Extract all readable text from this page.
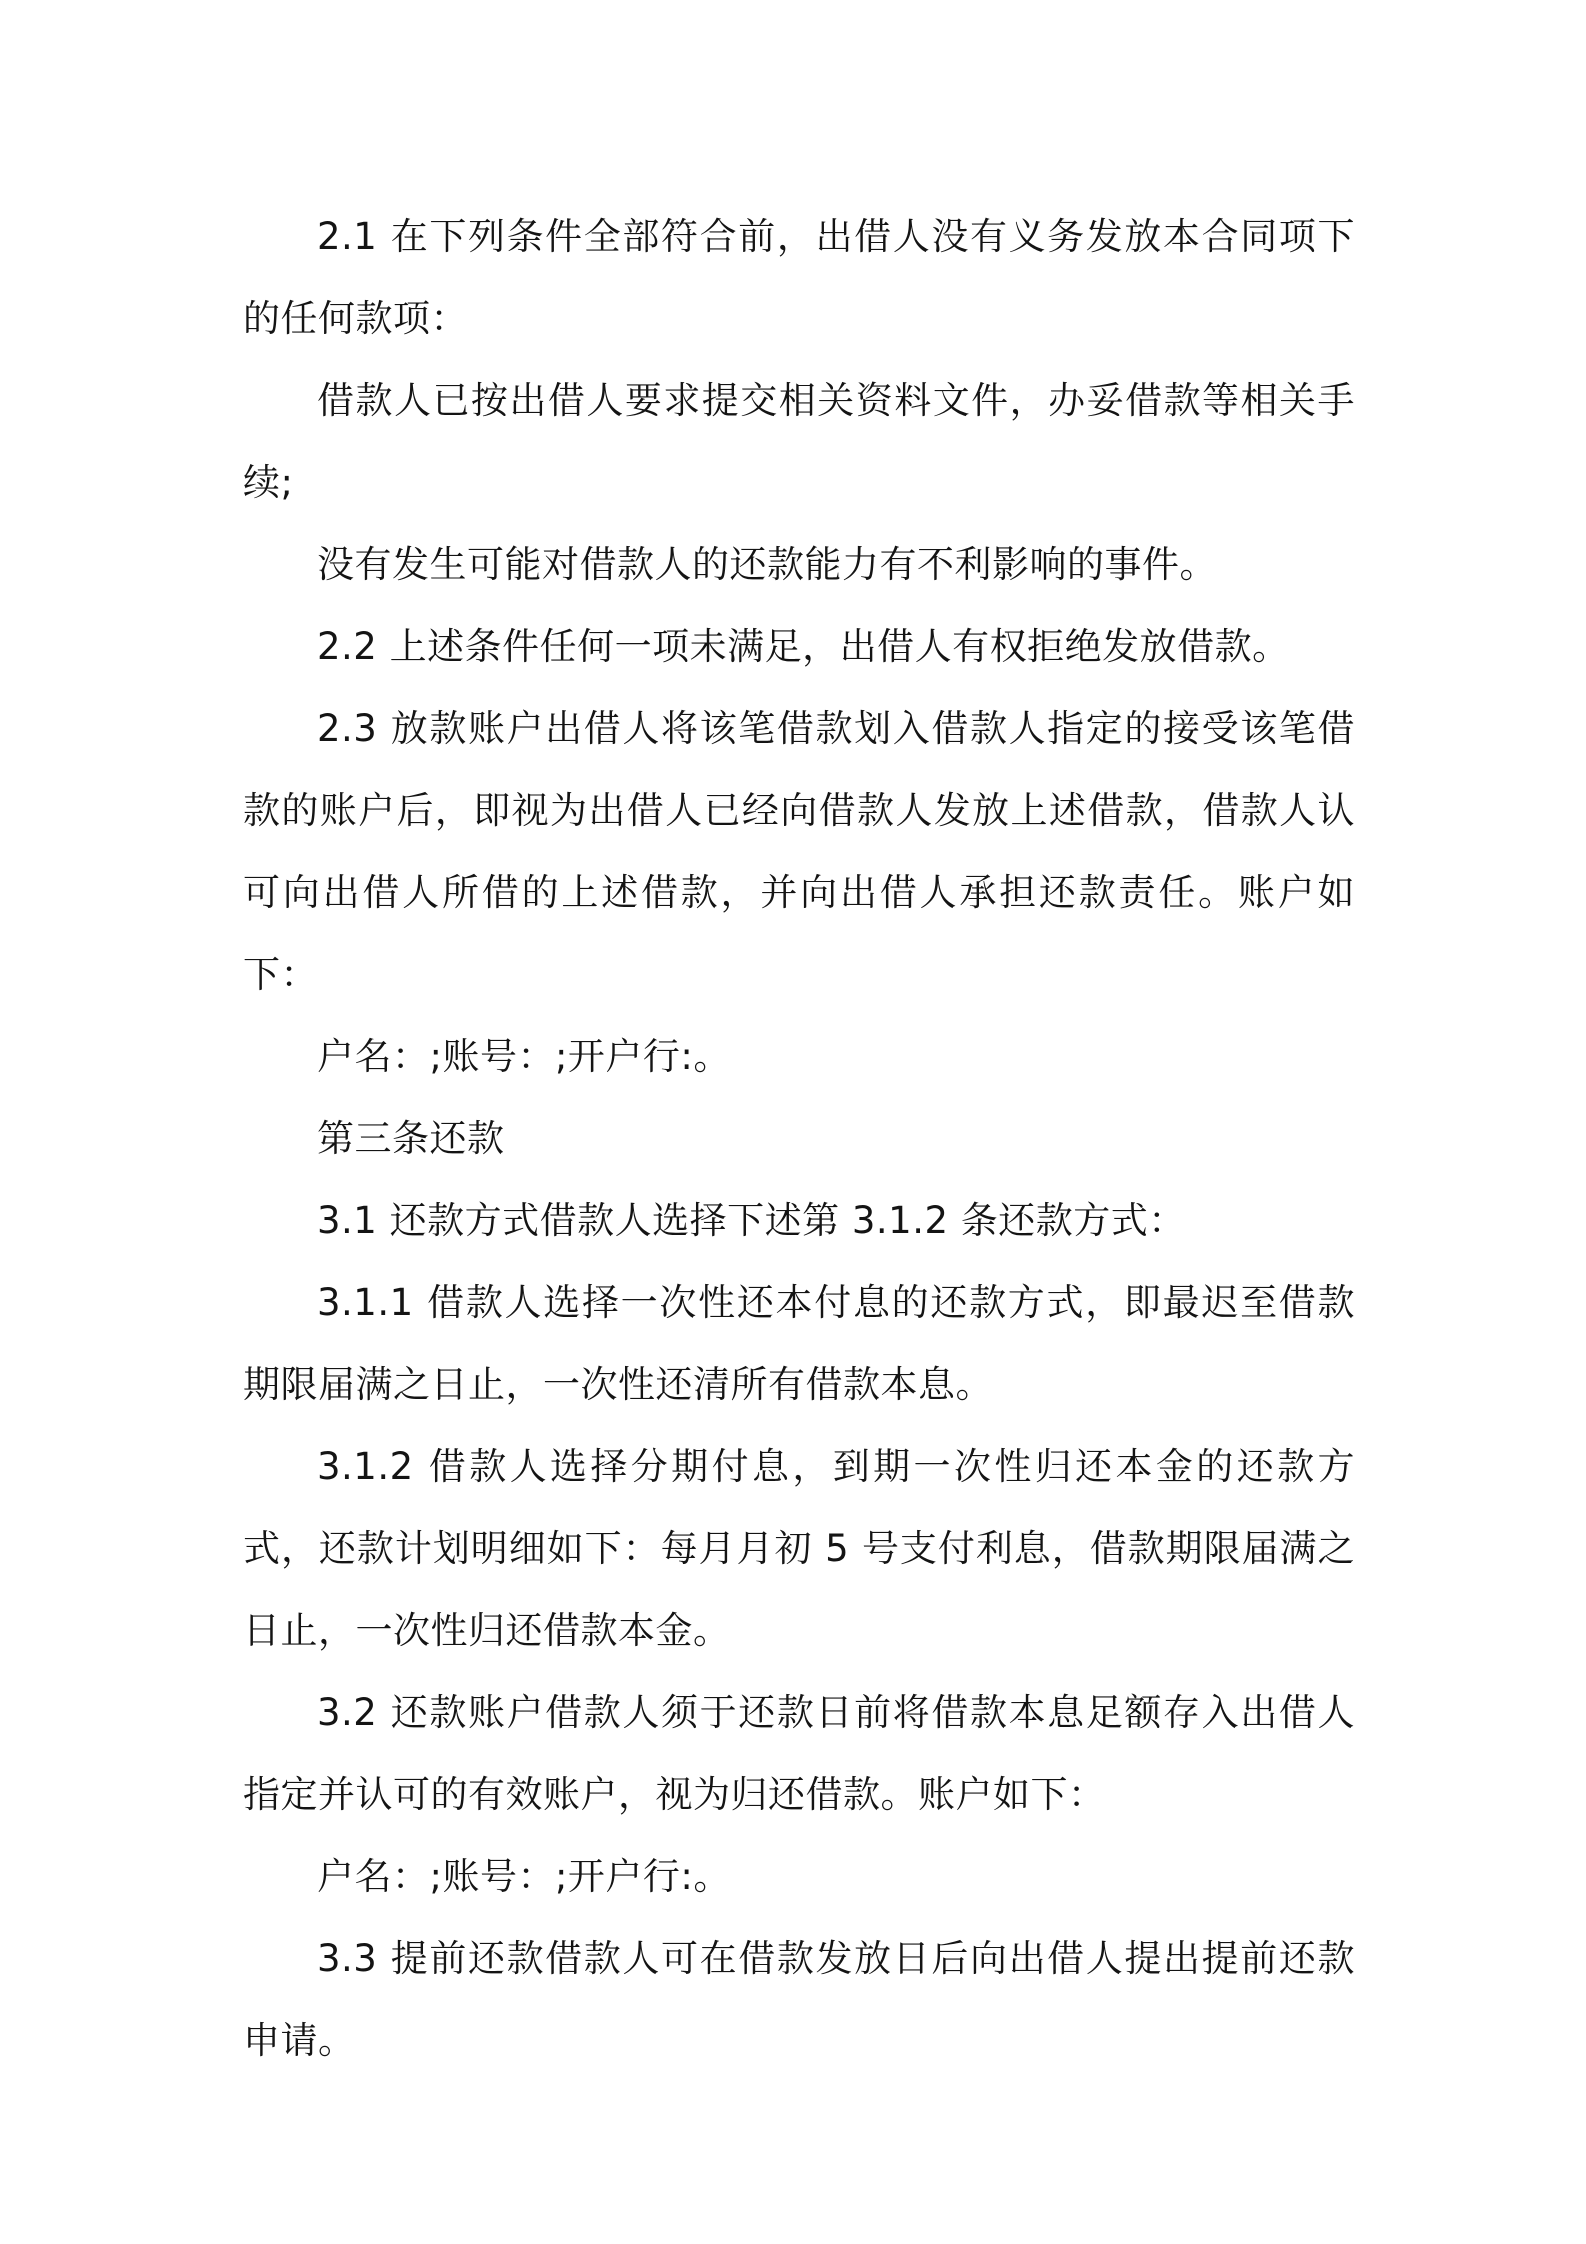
2.1 在下列条件全部符合前，出借人没有义务发放本合同项下的任何款项：

借款人已按出借人要求提交相关资料文件，办妥借款等相关手续;

没有发生可能对借款人的还款能力有不利影响的事件。

2.2 上述条件任何一项未满足，出借人有权拒绝发放借款。

2.3 放款账户出借人将该笔借款划入借款人指定的接受该笔借款的账户后，即视为出借人已经向借款人发放上述借款，借款人认可向出借人所借的上述借款，并向出借人承担还款责任。账户如下：

户名：;账号：;开户行:。

第三条还款

3.1 还款方式借款人选择下述第 3.1.2 条还款方式：

3.1.1 借款人选择一次性还本付息的还款方式，即最迟至借款期限届满之日止，一次性还清所有借款本息。

3.1.2 借款人选择分期付息，到期一次性归还本金的还款方式，还款计划明细如下：每月月初 5 号支付利息，借款期限届满之日止，一次性归还借款本金。

3.2 还款账户借款人须于还款日前将借款本息足额存入出借人指定并认可的有效账户，视为归还借款。账户如下：

户名：;账号：;开户行:。

3.3 提前还款借款人可在借款发放日后向出借人提出提前还款申请。
